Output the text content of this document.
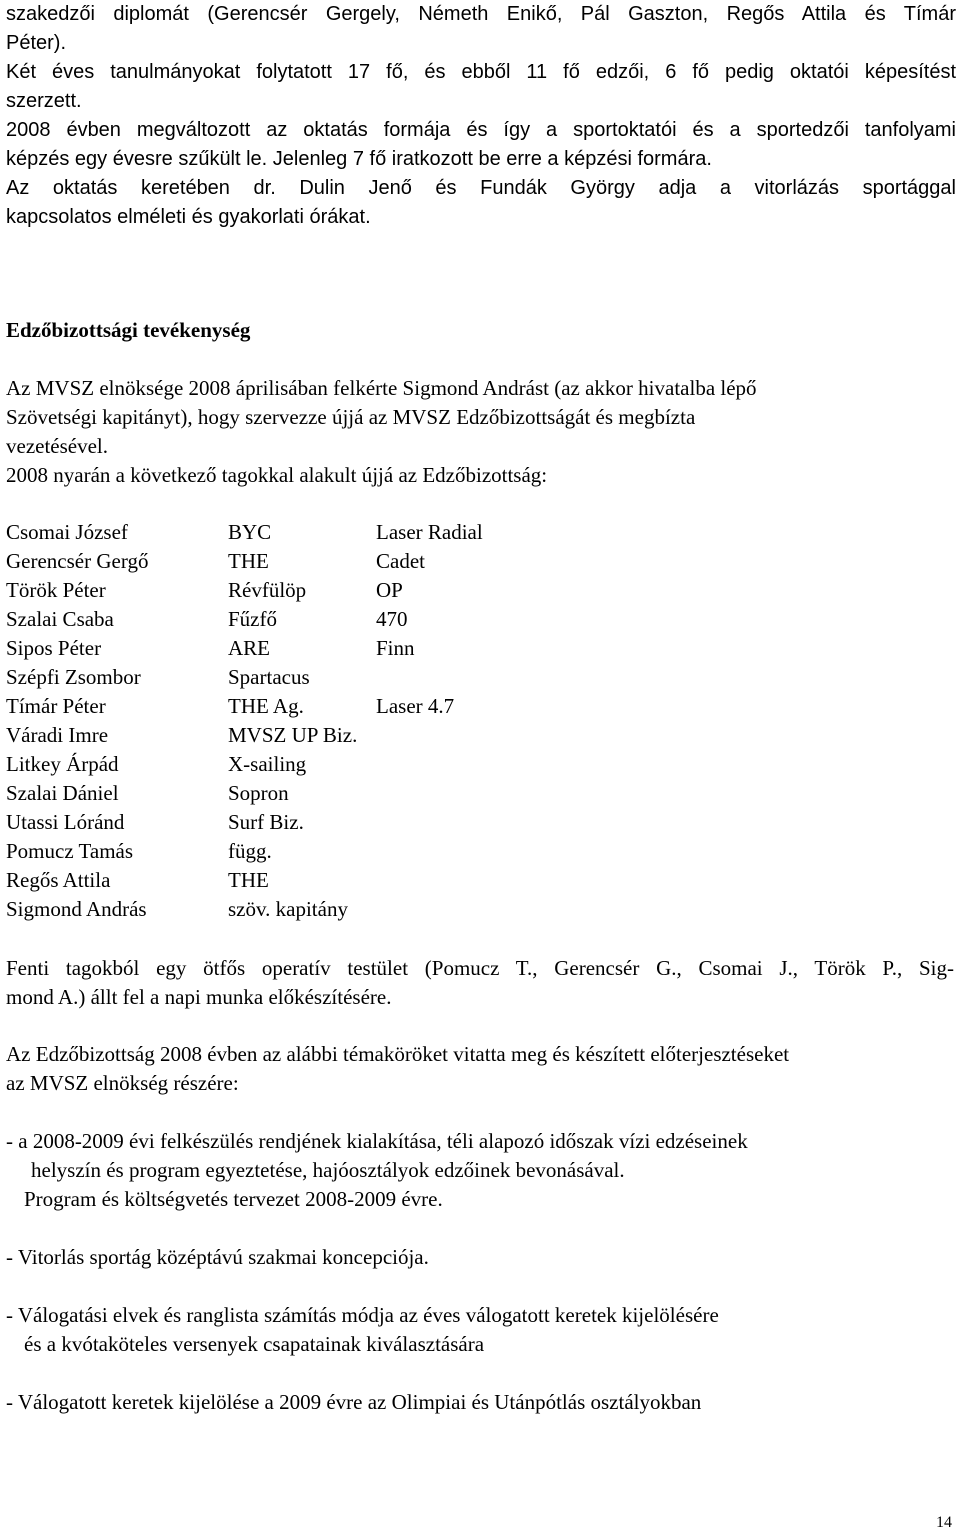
szakedzői diplomát (Gerencsér Gergely, Németh Enikő, Pál Gaszton, Regős Attila és Tímár

Péter).

Két éves tanulmányokat folytatott 17 fő, és ebből 11 fő edzői, 6 fő pedig oktatói képesítést

szerzett.

2008 évben megváltozott az oktatás formája és így a sportoktatói és a sportedzői tanfolyami

képzés egy évesre szűkült le. Jelenleg 7 fő iratkozott be erre a képzési formára.

Az oktatás keretében dr. Dulin Jenő és Fundák György adja a vitorlázás sportággal

kapcsolatos elméleti és gyakorlati órákat.

Edzőbizottsági tevékenység

Az MVSZ elnöksége 2008 áprilisában felkérte Sigmond Andrást (az akkor hivatalba lépő

Szövetségi kapitányt), hogy szervezze újjá az MVSZ Edzőbizottságát és megbízta

vezetésével.

2008 nyarán a következő tagokkal alakult újjá az Edzőbizottság:

Csomai József	BYC	Laser Radial
Gerencsér Gergő	THE	Cadet
Török Péter	Révfülöp	OP
Szalai Csaba	Fűzfő	470
Sipos Péter	ARE	Finn
Szépfi Zsombor	Spartacus
Tímár Péter	THE Ag.	Laser 4.7
Váradi Imre	MVSZ UP Biz.
Litkey Árpád	X-sailing
Szalai Dániel	Sopron
Utassi Lóránd	Surf Biz.
Pomucz Tamás	függ.
Regős Attila	THE
Sigmond András	szöv. kapitány

Fenti tagokból egy ötfős operatív testület (Pomucz T., Gerencsér G., Csomai J., Török P., Sig-

mond A.) állt fel a napi munka előkészítésére.

Az Edzőbizottság 2008 évben az alábbi témaköröket vitatta meg és készített előterjesztéseket

az MVSZ elnökség részére:

- a 2008-2009 évi felkészülés rendjének kialakítása, téli alapozó időszak vízi edzéseinek

helyszín és program egyeztetése, hajóosztályok edzőinek bevonásával.

Program és költségvetés tervezet 2008-2009 évre.

- Vitorlás sportág középtávú szakmai koncepciója.

- Válogatási elvek és ranglista számítás módja az éves válogatott keretek kijelölésére

és a kvótaköteles versenyek csapatainak kiválasztására

- Válogatott keretek kijelölése a 2009 évre az Olimpiai és Utánpótlás osztályokban

14
